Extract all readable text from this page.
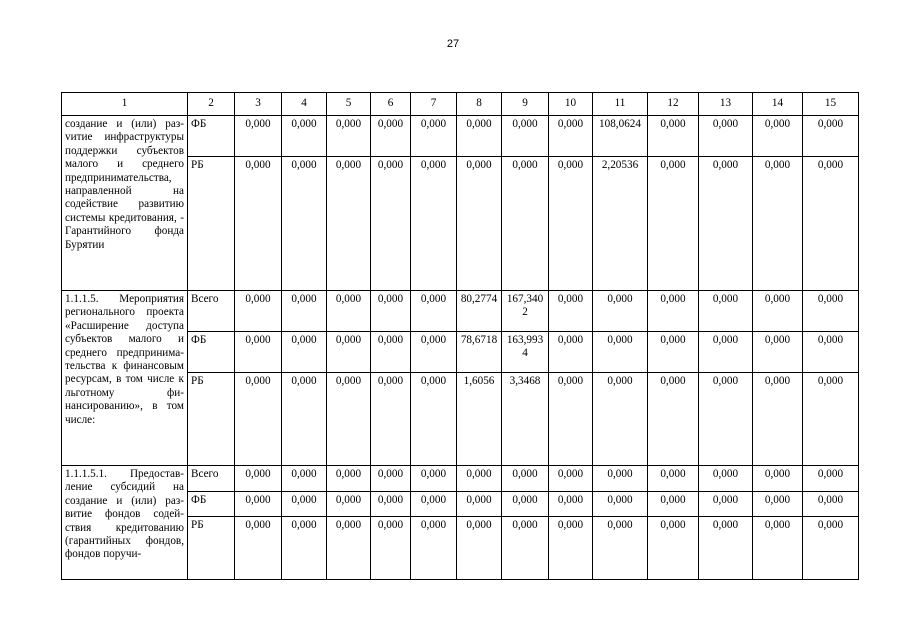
27
1	2	3	4	5	6	7	8	9	10	11	12	13	14	15
создание и (или) разvитие инфраструктуры поддержки субъектов малого и среднего предпринимательства, направленной на содействие развитию системы кредитования, - Гарантийного фонда Бурятии	ФБ	0,000	0,000	0,000	0,000	0,000	0,000	0,000	0,000	108,0624	0,000	0,000	0,000	0,000
	РБ	0,000	0,000	0,000	0,000	0,000	0,000	0,000	0,000	2,20536	0,000	0,000	0,000	0,000
1.1.1.5. Мероприятия регионального проекта «Расширение доступа субъектов малого и среднего предпринимательства к финансовым ресурсам, в том числе к льготному финансированию», в том числе:	Всего	0,000	0,000	0,000	0,000	0,000	80,2774	167,3402	0,000	0,000	0,000	0,000	0,000	0,000
	ФБ	0,000	0,000	0,000	0,000	0,000	78,6718	163,9934	0,000	0,000	0,000	0,000	0,000	0,000
	РБ	0,000	0,000	0,000	0,000	0,000	1,6056	3,3468	0,000	0,000	0,000	0,000	0,000	0,000
1.1.1.5.1. Предоставление субсидий на создание и (или) развитие фондов содействия кредитованию (гарантийных фондов, фондов поручи-	Всего	0,000	0,000	0,000	0,000	0,000	0,000	0,000	0,000	0,000	0,000	0,000	0,000	0,000
	ФБ	0,000	0,000	0,000	0,000	0,000	0,000	0,000	0,000	0,000	0,000	0,000	0,000	0,000
	РБ	0,000	0,000	0,000	0,000	0,000	0,000	0,000	0,000	0,000	0,000	0,000	0,000	0,000
